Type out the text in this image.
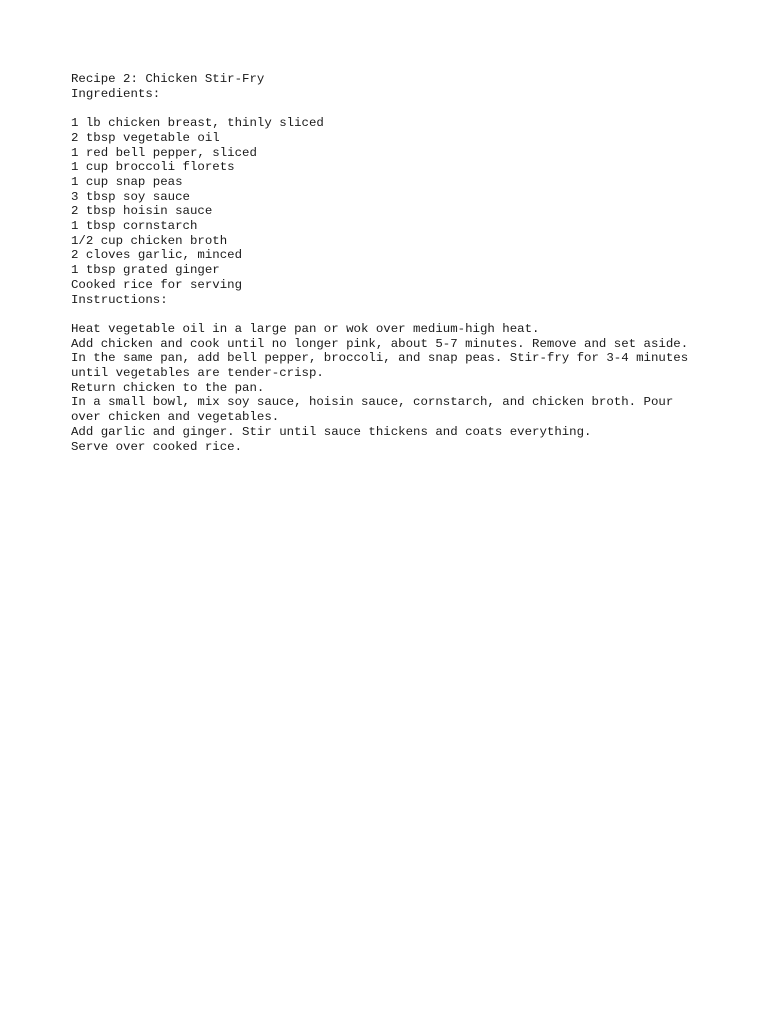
Recipe 2: Chicken Stir-Fry
Ingredients:
1 lb chicken breast, thinly sliced
2 tbsp vegetable oil
1 red bell pepper, sliced
1 cup broccoli florets
1 cup snap peas
3 tbsp soy sauce
2 tbsp hoisin sauce
1 tbsp cornstarch
1/2 cup chicken broth
2 cloves garlic, minced
1 tbsp grated ginger
Cooked rice for serving
Instructions:
Heat vegetable oil in a large pan or wok over medium-high heat.
Add chicken and cook until no longer pink, about 5-7 minutes. Remove and set aside.
In the same pan, add bell pepper, broccoli, and snap peas. Stir-fry for 3-4 minutes
until vegetables are tender-crisp.
Return chicken to the pan.
In a small bowl, mix soy sauce, hoisin sauce, cornstarch, and chicken broth. Pour
over chicken and vegetables.
Add garlic and ginger. Stir until sauce thickens and coats everything.
Serve over cooked rice.
